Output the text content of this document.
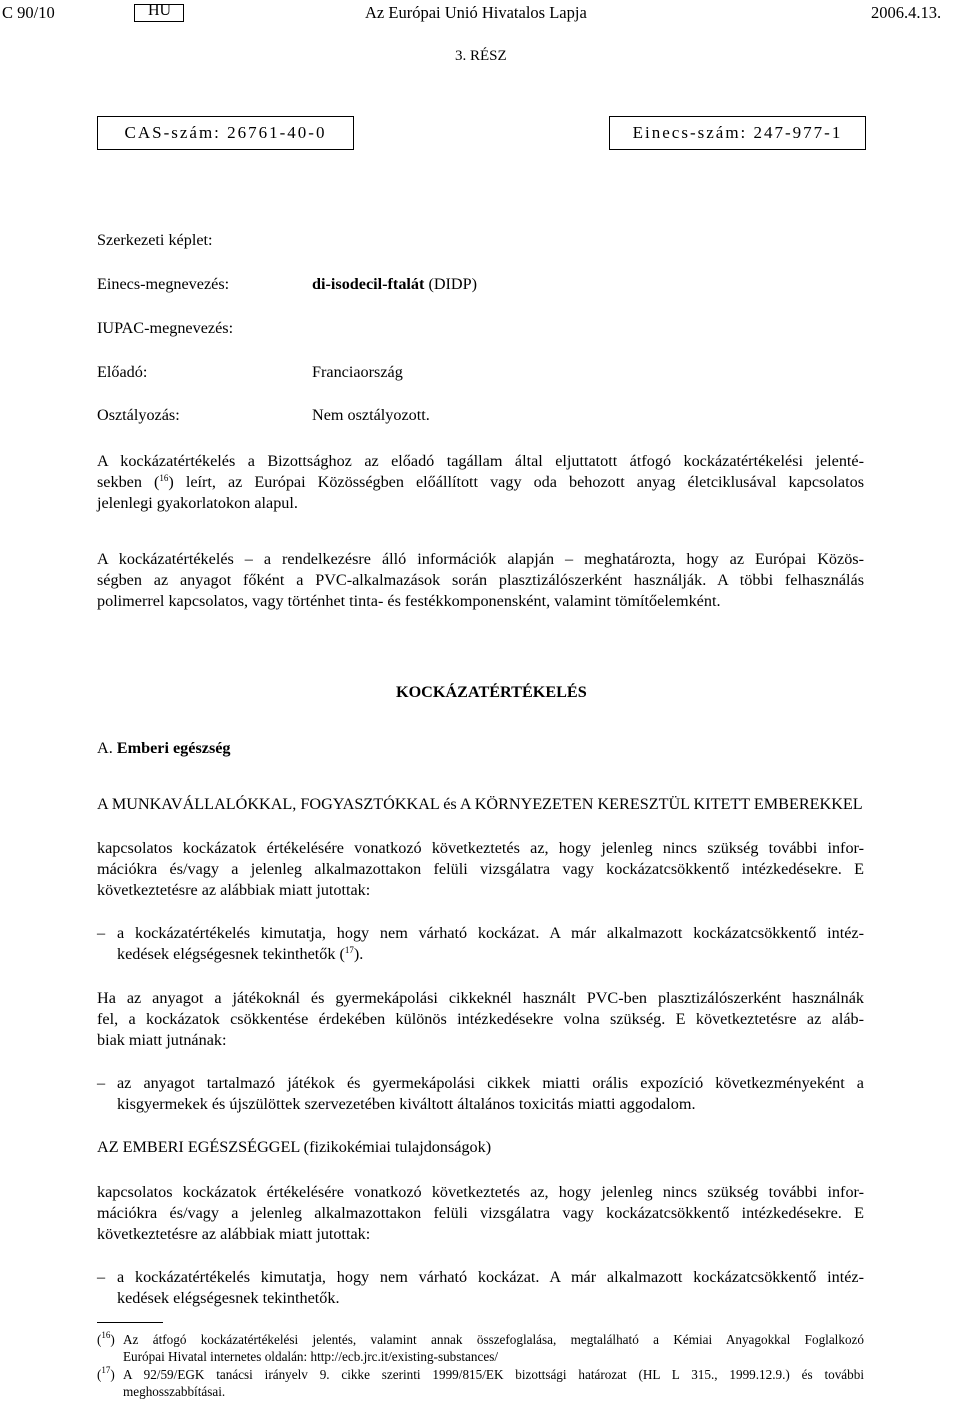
C 90/10	HU	Az Európai Unió Hivatalos Lapja	2006.4.13.
3. RÉSZ
CAS-szám: 26761-40-0	Einecs-szám: 247-977-1
Szerkezeti képlet:
Einecs-megnevezés:	di-isodecil-ftalát (DIDP)
IUPAC-megnevezés:
Előadó:	Franciaország
Osztályozás:	Nem osztályozott.
A kockázatértékelés a Bizottsághoz az előadó tagállam által eljuttatott átfogó kockázatértékelési jelenté-
sekben ($^{16}$) leírt, az Európai Közösségben előállított vagy oda behozott anyag életciklusával kapcsolatos
jelenlegi gyakorlatokon alapul.
A kockázatértékelés – a rendelkezésre álló információk alapján – meghatározta, hogy az Európai Közös-
ségben az anyagot főként a PVC-alkalmazások során plasztizálószerként használják. A többi felhasználás
polimerrel kapcsolatos, vagy történhet tinta- és festékkomponensként, valamint tömítőelemként.
KOCKÁZATÉRTÉKELÉS
A. Emberi egészség
A MUNKAVÁLLALÓKKAL, FOGYASZTÓKKAL és A KÖRNYEZETEN KERESZTÜL KITETT EMBEREKKEL
kapcsolatos kockázatok értékelésére vonatkozó következtetés az, hogy jelenleg nincs szükség további infor-
mációkra és/vagy a jelenleg alkalmazottakon felüli vizsgálatra vagy kockázatcsökkentő intézkedésekre. E
következtetésre az alábbiak miatt jutottak:
– a kockázatértékelés kimutatja, hogy nem várható kockázat. A már alkalmazott kockázatcsökkentő intéz-
kedések elégségesnek tekinthetők ($^{17}$).
Ha az anyagot a játékoknál és gyermekápolási cikkeknél használt PVC-ben plasztizálószerként használnák
fel, a kockázatok csökkentése érdekében különös intézkedésekre volna szükség. E következtetésre az aláb-
biak miatt jutnának:
– az anyagot tartalmazó játékok és gyermekápolási cikkek miatti orális expozíció következményeként a
kisgyermekek és újszülöttek szervezetében kiváltott általános toxicitás miatti aggodalom.
AZ EMBERI EGÉSZSÉGGEL (fizikokémiai tulajdonságok)
kapcsolatos kockázatok értékelésére vonatkozó következtetés az, hogy jelenleg nincs szükség további infor-
mációkra és/vagy a jelenleg alkalmazottakon felüli vizsgálatra vagy kockázatcsökkentő intézkedésekre. E
következtetésre az alábbiak miatt jutottak:
– a kockázatértékelés kimutatja, hogy nem várható kockázat. A már alkalmazott kockázatcsökkentő intéz-
kedések elégségesnek tekinthetők.
($^{16}$) Az átfogó kockázatértékelési jelentés, valamint annak összefoglalása, megtalálható a Kémiai Anyagokkal Foglalkozó
Európai Hivatal internetes oldalán: http://ecb.jrc.it/existing-substances/
($^{17}$) A 92/59/EGK tanácsi irányelv 9. cikke szerinti 1999/815/EK bizottsági határozat (HL L 315., 1999.12.9.) és további
meghosszabbításai.
